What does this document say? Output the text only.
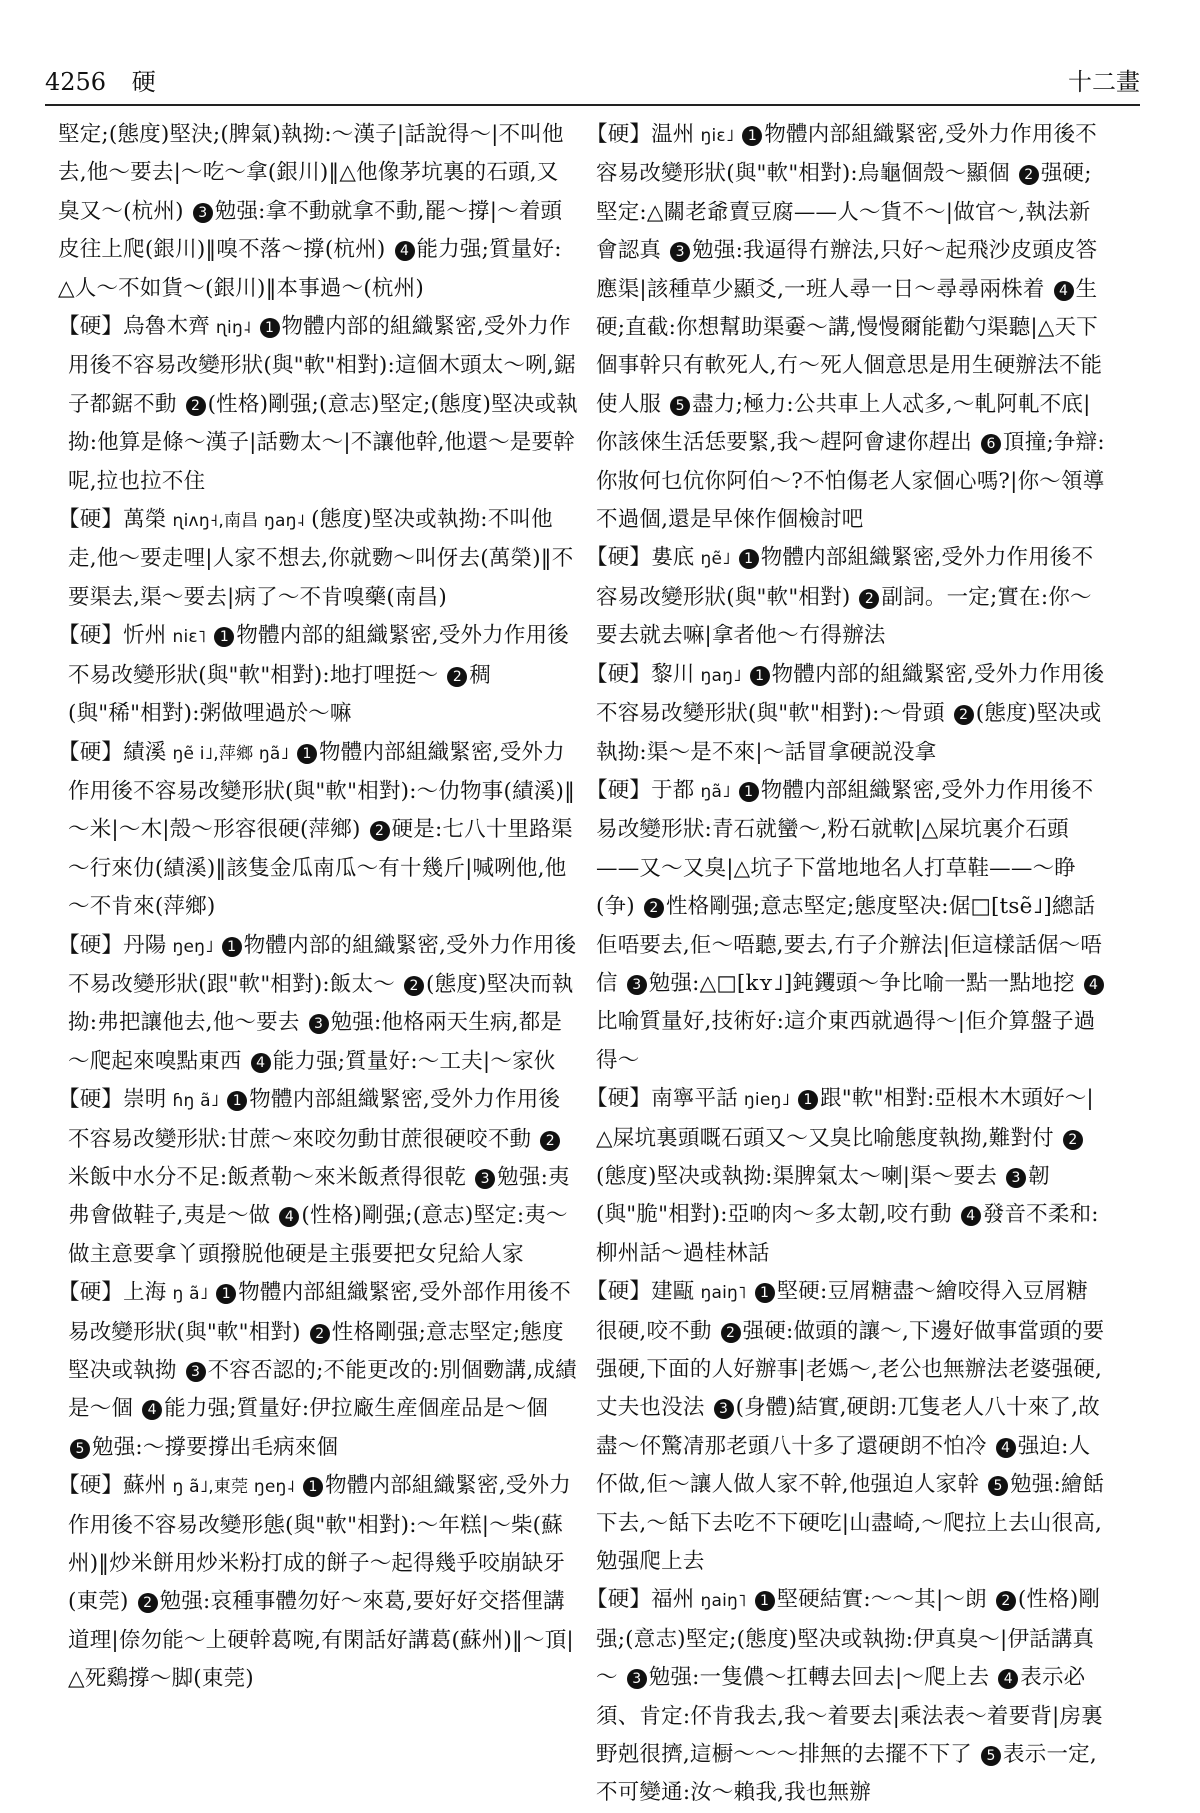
4256 硬	十二畫

堅定;(態度)堅決;(脾氣)執拗:～漢子|話說得～|不叫他去,他～要去|～吃～拿(銀川)‖△他像茅坑裏的石頭,又臭又～(杭州) 3 勉强:拿不動就拿不動,罷～撐|～着頭皮往上爬(銀川)‖嗅不落～撐(杭州) 4 能力强;質量好:△人～不如貨～(銀川)‖本事過～(杭州)

【硬】烏魯木齊 ɳiŋ˨ 1 物體内部的組織緊密,受外力作用後不容易改變形狀(與"軟"相對):這個木頭太～咧,鋸子都鋸不動 2 (性格)剛强;(意志)堅定;(態度)堅决或執拗:他算是條～漢子|話覅太～|不讓他幹,他還～是要幹呢,拉也拉不住

【硬】萬榮 ɳiʌŋ˧,南昌 ŋaŋ˨ (態度)堅决或執拗:不叫他走,他～要走哩|人家不想去,你就覅～叫伢去(萬榮)‖不要渠去,渠～要去|病了～不肯嗅藥(南昌)

【硬】忻州 niɛ˥ 1 物體内部的組織緊密,受外力作用後不易改變形狀(與"軟"相對):地打哩挺～ 2 稠(與"稀"相對):粥做哩過於～嘛

【硬】績溪 ŋẽ i˩,萍鄉 ŋã˩ 1 物體内部組織緊密,受外力作用後不容易改變形狀(與"軟"相對):～仂物事(績溪)‖～米|～木|殼～形容很硬(萍鄉) 2 硬是:七八十里路渠～行來仂(績溪)‖該隻金瓜南瓜～有十幾斤|喊咧他,他～不肯來(萍鄉)

【硬】丹陽 ŋeŋ˩ 1 物體内部的組織緊密,受外力作用後不易改變形狀(跟"軟"相對):飯太～ 2 (態度)堅决而執拗:弗把讓他去,他～要去 3 勉强:他格兩天生病,都是～爬起來嗅點東西 4 能力强;質量好:～工夫|～家伙

【硬】崇明 ɦŋ ã˩ 1 物體内部組織緊密,受外力作用後不容易改變形狀:甘蔗～來咬勿動甘蔗很硬咬不動 2米飯中水分不足:飯煮勒～來米飯煮得很乾 3 勉强:夷弗會做鞋子,夷是～做 4 (性格)剛强;(意志)堅定:夷～做主意要拿丫頭撥脱他硬是主張要把女兒給人家

【硬】上海 ŋ ã˩ 1 物體内部組織緊密,受外部作用後不易改變形狀(與"軟"相對) 2 性格剛强;意志堅定;態度堅决或執拗 3 不容否認的;不能更改的:別個覅講,成績是～個 4 能力强;質量好:伊拉廠生産個産品是～個 5 勉强:～撐要撐出毛病來個

【硬】蘇州 ŋ ã˩,東莞 ŋeŋ˨ 1 物體内部組織緊密,受外力作用後不容易改變形態(與"軟"相對):～年糕|～柴(蘇州)‖炒米餅用炒米粉打成的餅子～起得幾乎咬崩缺牙(東莞) 2 勉强:哀種事體勿好～來葛,要好好交搭俚講道理|倷勿能～上硬幹葛啘,有閑話好講葛(蘇州)‖～頂|△死鷄撐～脚(東莞)

【硬】温州 ŋiɛ˩ 1 物體内部組織緊密,受外力作用後不容易改變形狀(與"軟"相對):烏龜個殼～顯個 2 强硬;堅定:△關老爺賣豆腐——人～貨不～|做官～,執法新會認真 3 勉强:我逼得冇辦法,只好～起飛沙皮頭皮答應渠|該種草少顯爻,一班人尋一日～尋尋兩株着 4 生硬;直截:你想幫助渠嫑～講,慢慢爾能勸勺渠聽|△天下個事幹只有軟死人,冇～死人個意思是用生硬辦法不能使人服 5 盡力;極力:公共車上人忒多,～軋阿軋不底|你該倈生活恁要緊,我～趕阿會逮你趕出 6 頂撞;争辯:你妝何乜伉你阿伯～?不怕傷老人家個心嗎?|你～領導不過個,還是早倈作個檢討吧

【硬】婁底 ŋẽ˩ 1 物體内部組織緊密,受外力作用後不容易改變形狀(與"軟"相對) 2 副詞。一定;實在:你～要去就去嘛|拿者他～冇得辦法

【硬】黎川 ŋaŋ˩ 1 物體内部的組織緊密,受外力作用後不容易改變形狀(與"軟"相對):～骨頭 2 (態度)堅决或執拗:渠～是不來|～話冒拿硬説没拿

【硬】于都 ŋã˩ 1 物體内部組織緊密,受外力作用後不易改變形狀:青石就蠻～,粉石就軟|△屎坑裏介石頭——又～又臭|△坑子下當地地名人打草鞋——～睁(争) 2 性格剛强;意志堅定;態度堅决:倨□[tsẽ˩]總話佢唔要去,佢～唔聽,要去,冇子介辦法|佢這樣話倨～唔信 3 勉强:△□[kʏ˩]鈍钁頭～争比喻一點一點地挖 4比喻質量好,技術好:這介東西就過得～|佢介算盤子過得～

【硬】南寧平話 ŋieŋ˩ 1 跟"軟"相對:亞根木木頭好～|△屎坑裏頭嘅石頭又～又臭比喻態度執拗,難對付 2(態度)堅决或執拗:渠脾氣太～喇|渠～要去 3 韌(與"脆"相對):亞啲肉～多太韌,咬冇動 4 發音不柔和:柳州話～過桂林話

【硬】建甌 ŋaiŋ˥ 1 堅硬:豆屑糖盡～繪咬得入豆屑糖很硬,咬不動 2 强硬:做頭的讓～,下邊好做事當頭的要强硬,下面的人好辦事|老媽～,老公也無辦法老婆强硬,丈夫也没法 3 (身體)結實,硬朗:兀隻老人八十來了,故盡～伓驚凊那老頭八十多了還硬朗不怕冷 4 强迫:人伓做,佢～讓人做人家不幹,他强迫人家幹 5 勉强:繪餂下去,～餂下去吃不下硬吃|山盡崎,～爬拉上去山很高,勉强爬上去

【硬】福州 ŋaiŋ˥ 1 堅硬結實:～～其|～朗 2 (性格)剛强;(意志)堅定;(態度)堅决或執拗:伊真臭～|伊話講真～ 3 勉强:一隻儂～扛轉去回去|～爬上去 4 表示必須、肯定:伓肯我去,我～着要去|乘法表～着要背|房裏野剋很擠,這橱～～～排無的去擺不下了 5 表示一定,不可變通:汝～賴我,我也無辦
